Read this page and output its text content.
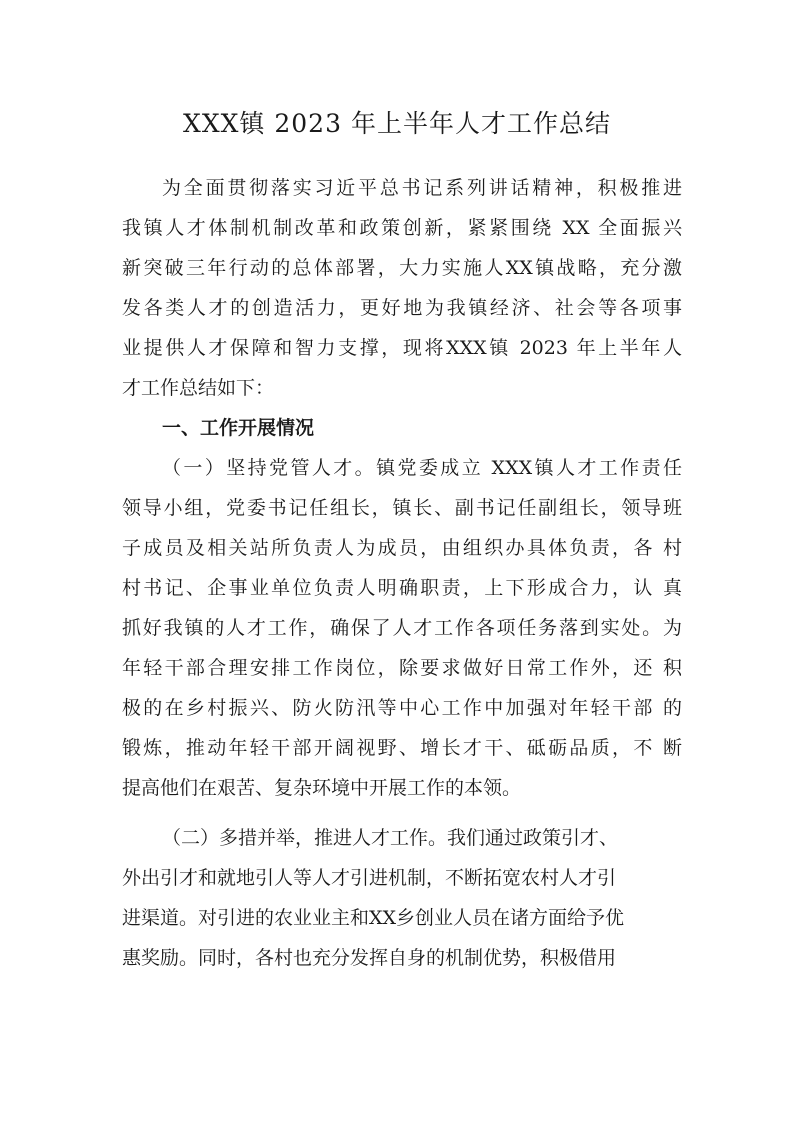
XXX镇 2023 年上半年人才工作总结
为全面贯彻落实习近平总书记系列讲话精神，积极推进
我镇人才体制机制改革和政策创新，紧紧围绕 XX 全面振兴
新突破三年行动的总体部署，大力实施人XX镇战略，充分激
发各类人才的创造活力，更好地为我镇经济、社会等各项事
业提供人才保障和智力支撑，现将XXX镇 2023 年上半年人
才工作总结如下：
一、工作开展情况
（一）坚持党管人才。镇党委成立 XXX镇人才工作责任
领导小组，党委书记任组长，镇长、副书记任副组长，领导班
子成员及相关站所负责人为成员，由组织办具体负责，各 村
村书记、企事业单位负责人明确职责，上下形成合力，认 真
抓好我镇的人才工作，确保了人才工作各项任务落到实处。为
年轻干部合理安排工作岗位，除要求做好日常工作外，还 积
极的在乡村振兴、防火防汛等中心工作中加强对年轻干部 的
锻炼，推动年轻干部开阔视野、增长才干、砥砺品质，不 断
提高他们在艰苦、复杂环境中开展工作的本领。
（二）多措并举，推进人才工作。我们通过政策引才、
外出引才和就地引人等人才引进机制，不断拓宽农村人才引
进渠道。对引进的农业业主和XX乡创业人员在诸方面给予优
惠奖励。同时，各村也充分发挥自身的机制优势，积极借用
